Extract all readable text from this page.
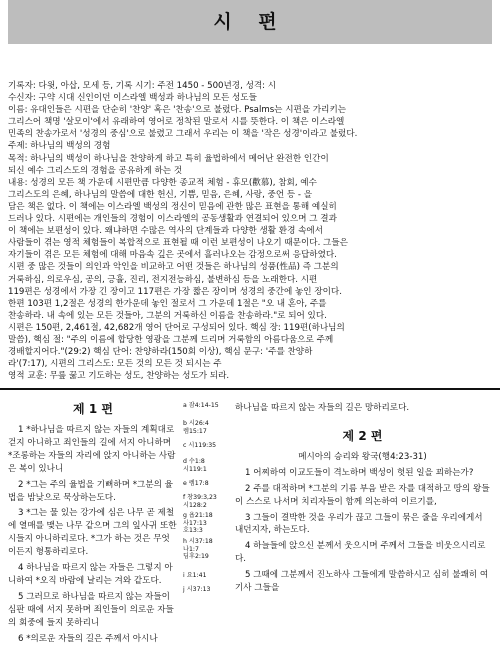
시 편

기록자: 다윗, 아삽, 모세 등, 기록 시기: 주전 1450 - 500년경, 성격: 시

수신자: 구약 시대 신인이던 이스라엘 백성과 하나님의 모든 성도들

이름: 유대인들은 시편을 단순히 '찬양' 혹은 '찬송'으로 불렀다. Psalms는 시편을 가리키는

그리스어 책명 '살모이'에서 유래하여 영어로 정착된 말로서 시를 뜻한다. 이 책은 이스라엘

민족의 찬송가로서 '성경의 중심'으로 불렸고 그래서 우리는 이 책을 '작은 성경'이라고 불렀다.

주제: 하나님의 백성의 경험

목적: 하나님의 백성이 하나님을 찬양하게 하고 특히 율법하에서 메어난 완전한 인간이

되신 예수 그리스도의 경험을 공유하게 하는 것

내용: 성경의 모든 책 가운데 시편만큼 다양한 종교적 체험 - 휴모(歡慕), 참회, 예수

그리스도의 은혜, 하나님의 말씀에 대한 헌신, 기쁨, 믿음, 은혜, 사랑, 중언 등 - 을

담은 책은 없다. 이 책에는 이스라엘 백성의 정신이 믿음에 관한 많은 표현을 통해 예실히

드러나 있다. 시편에는 개인들의 경험이 이스라엘의 공동생활과 연결되어 있으며 그 결과

이 책에는 보편성이 있다. 왜냐하면 수많은 역사의 단계들과 다양한 생활 환경 속에서

사람들이 겪는 영적 체험들이 복합적으로 표현될 때 이런 보편성이 나오기 때문이다. 그들은

자기들이 겪은 모든 체험에 대해 마음속 깊은 곳에서 흘러나오는 감정으로써 응답하였다.

시편 중 많은 것들이 의인과 악인을 비교하고 어떤 것들은 하나님의 성품(性品) 즉 그분의

거룩하심, 의로우심, 공의, 긍휼, 진리, 전지전능하심, 불변하심 등을 노래한다. 시편

119편은 성경에서 가장 긴 장이고 117편은 가장 짧은 장이며 성경의 중간에 놓인 장이다.

한편 103편 1,2절은 성경의 한가운데 놓인 절로서 그 가운데 1절은 "오 내 혼아, 주를

찬송하라. 내 속에 있는 모든 것들아, 그분의 거룩하신 이름을 찬송하라."로 되어 있다.

시편은 150편, 2,461절, 42,682개 영어 단어로 구성되어 있다. 핵심 장: 119편(하나님의

말씀), 핵심 절: "주의 이름에 합당한 영광을 그분께 드리며 거룩함의 아름다움으로 주께

경배할지어다."(29:2) 핵심 단어: 찬양하라(150회 이상), 핵심 문구: '주를 찬양하

라'(7:17), 시편의 그리스도: 모든 것의 모든 것 되시는 주

영적 교훈: 무릎 꿇고 기도하는 성도, 찬양하는 성도가 되라.

제 1 편

1 *하나님을 따르지 않는 자들의 계획대로 걷지 아니하고 죄인들의 길에 서지 아니하며 *조롱하는 자들의 자리에 앉지 아니하는 사람은 복이 있나니

2 *그는 주의 율법을 기뻐하며 *그분의 율법을 밤낮으로 묵상하는도다.

3 *그는 물 있는 강가에 심은 나무 곧 제철에 열매를 맺는 나무 같으며 그의 잎사귀 또한 시들지 아니하리로다. *그가 하는 것은 무엇이든지 형통하리로다.

4 하나님을 따르지 않는 자들은 그렇지 아니하여 *오직 바람에 날리는 겨와 같도다.

5 그러므로 하나님을 따르지 않는 자들이 심판 때에 서지 못하며 죄인들이 의로운 자들의 회중에 들지 못하리니

6 *의로운 자들의 길은 주께서 아시나

a 잠4:14-15
b 시26:4
렘15:17
c 시119:35
d 수1:8
시119:1
e 렘17:8
f 창39:3,23
시128:2
g 욥21:18
사17:13
호13:3
h 시37:18
나1:7
딤후2:19
i 요1:41
j 시37:13

하나님을 따르지 않는 자들의 길은 망하리로다.

제 2 편

메시아의 승리와 왕국(행4:23-31)

1 어찌하여 이교도들이 격노하며 백성이 헛된 일을 꾀하는가?

2 주를 대적하며 *그분의 기름 부음 받은 자를 대적하고 땅의 왕들이 스스로 나서며 치리자들이 함께 의논하여 이르기를,

3 그들이 결박한 것을 우리가 끊고 그들이 묶은 줄을 우리에게서 내던지자, 하는도다.

4 하늘들에 앉으신 분께서 웃으시며 주께서 그들을 비웃으시리로다.

5 그때에 그분께서 진노하사 그들에게 말씀하시고 심히 불쾌히 여기사 그들을
